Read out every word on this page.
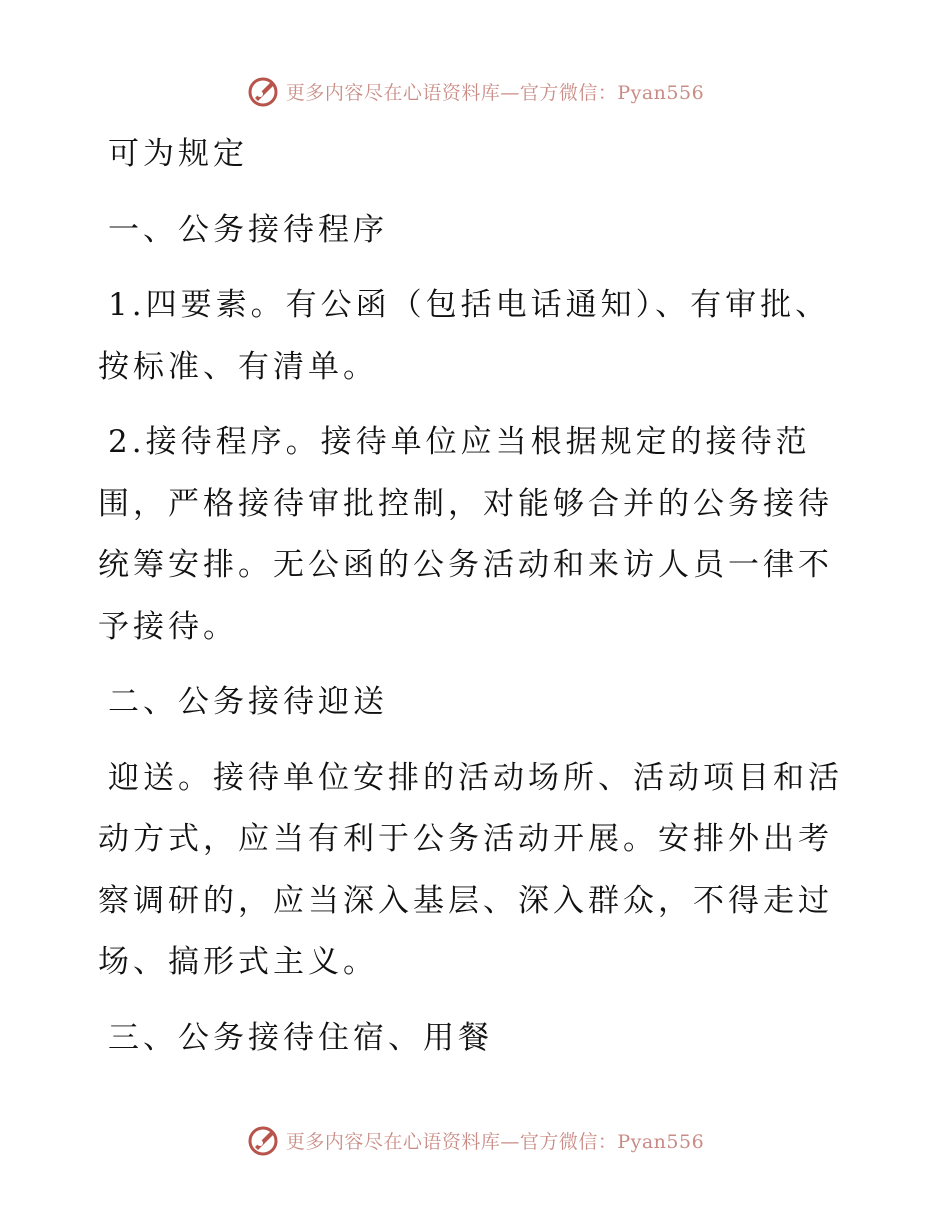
更多内容尽在心语资料库—官方微信：Pyan556

可为规定

一、公务接待程序

1.四要素。有公函（包括电话通知）、有审批、按标准、有清单。

2.接待程序。接待单位应当根据规定的接待范围，严格接待审批控制，对能够合并的公务接待统筹安排。无公函的公务活动和来访人员一律不予接待。

二、公务接待迎送

迎送。接待单位安排的活动场所、活动项目和活动方式，应当有利于公务活动开展。安排外出考察调研的，应当深入基层、深入群众，不得走过场、搞形式主义。

三、公务接待住宿、用餐

更多内容尽在心语资料库—官方微信：Pyan556
